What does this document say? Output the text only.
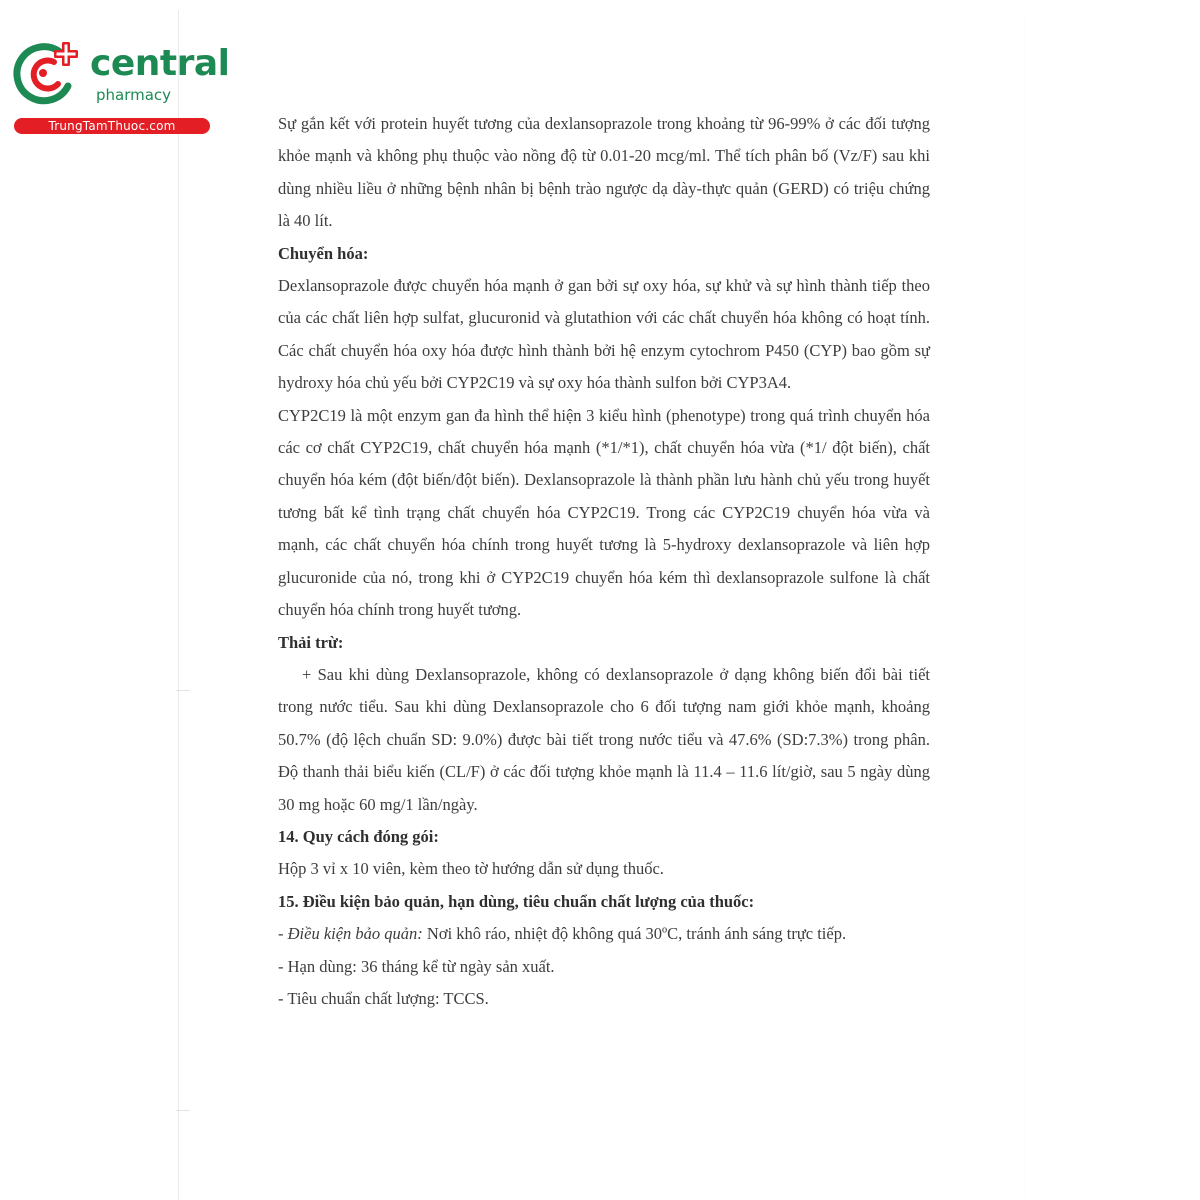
central
pharmacy
TrungTamThuoc.com	Sự gắn kết với protein huyết tương của dexlansoprazole trong khoảng từ 96-99% ở các đối tượng khỏe mạnh và không phụ thuộc vào nồng độ từ 0.01-20 mcg/ml. Thể tích phân bố (Vz/F) sau khi dùng nhiều liều ở những bệnh nhân bị bệnh trào ngược dạ dày-thực quản (GERD) có triệu chứng là 40 lít.

Chuyển hóa:

Dexlansoprazole được chuyển hóa mạnh ở gan bởi sự oxy hóa, sự khử và sự hình thành tiếp theo của các chất liên hợp sulfat, glucuronid và glutathion với các chất chuyển hóa không có hoạt tính. Các chất chuyển hóa oxy hóa được hình thành bởi hệ enzym cytochrom P450 (CYP) bao gồm sự hydroxy hóa chủ yếu bởi CYP2C19 và sự oxy hóa thành sulfon bởi CYP3A4.

CYP2C19 là một enzym gan đa hình thể hiện 3 kiểu hình (phenotype) trong quá trình chuyển hóa các cơ chất CYP2C19, chất chuyển hóa mạnh (*1/*1), chất chuyển hóa vừa (*1/ đột biến), chất chuyển hóa kém (đột biến/đột biến). Dexlansoprazole là thành phần lưu hành chủ yếu trong huyết tương bất kể tình trạng chất chuyển hóa CYP2C19. Trong các CYP2C19 chuyển hóa vừa và mạnh, các chất chuyển hóa chính trong huyết tương là 5-hydroxy dexlansoprazole và liên hợp glucuronide của nó, trong khi ở CYP2C19 chuyển hóa kém thì dexlansoprazole sulfone là chất chuyển hóa chính trong huyết tương.

Thải trừ:

+ Sau khi dùng Dexlansoprazole, không có dexlansoprazole ở dạng không biến đổi bài tiết trong nước tiểu. Sau khi dùng Dexlansoprazole cho 6 đối tượng nam giới khỏe mạnh, khoảng 50.7% (độ lệch chuẩn SD: 9.0%) được bài tiết trong nước tiểu và 47.6% (SD:7.3%) trong phân. Độ thanh thải biểu kiến (CL/F) ở các đối tượng khỏe mạnh là 11.4 – 11.6 lít/giờ, sau 5 ngày dùng 30 mg hoặc 60 mg/1 lần/ngày.

14. Quy cách đóng gói:

Hộp 3 vỉ x 10 viên, kèm theo tờ hướng dẫn sử dụng thuốc.

15. Điều kiện bảo quản, hạn dùng, tiêu chuẩn chất lượng của thuốc:

- Điều kiện bảo quản: Nơi khô ráo, nhiệt độ không quá 30ºC, tránh ánh sáng trực tiếp.

- Hạn dùng: 36 tháng kể từ ngày sản xuất.

- Tiêu chuẩn chất lượng: TCCS.
